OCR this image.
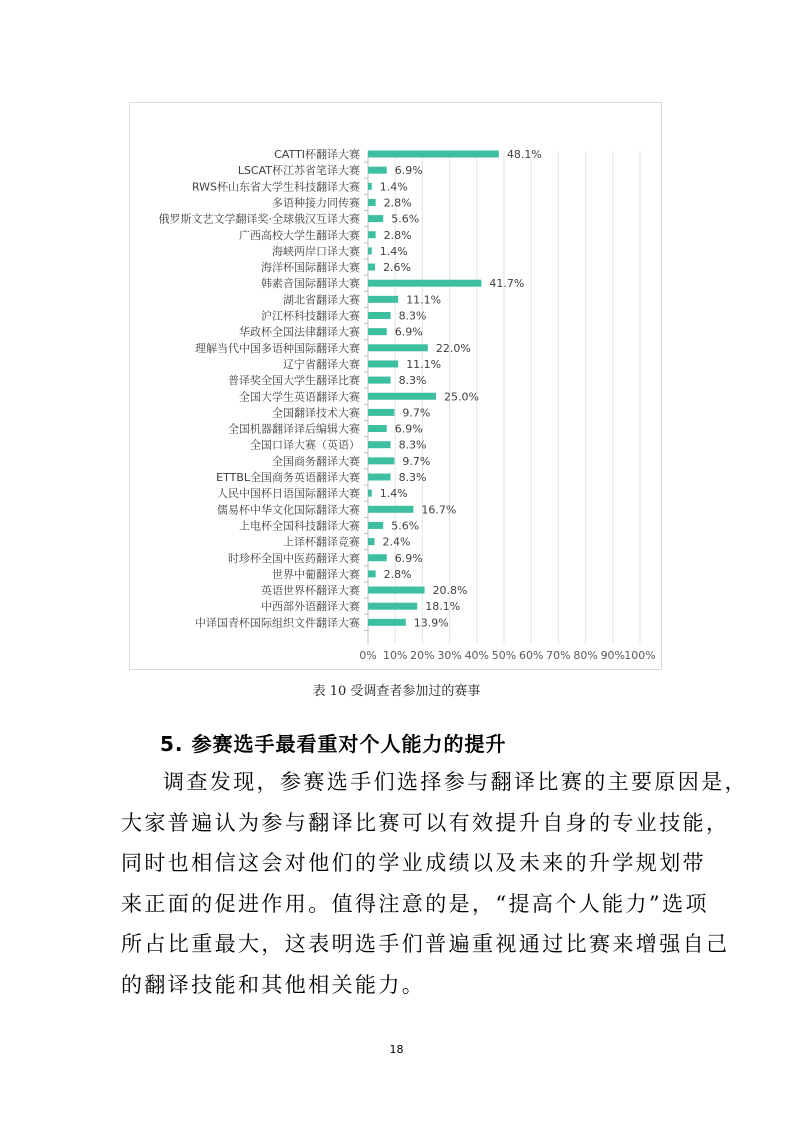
0% 10% 20% 30% 40% 50% 60% 70% 80% 90% 100%
CATTI杯翻译大赛	48.1%
LSCAT杯江苏省笔译大赛	6.9%
RWS杯山东省大学生科技翻译大赛 1.4%
多语种接力同传赛 2.8%
俄罗斯文艺文学翻译奖·全球俄汉互译大赛	5.6%
广西高校大学生翻译大赛 2.8%
海峡两岸口译大赛 1.4%
海洋杯国际翻译大赛 2.6%
韩素音国际翻译大赛	41.7%
湖北省翻译大赛	11.1%
沪江杯科技翻译大赛	8.3%
华政杯全国法律翻译大赛	6.9%
理解当代中国多语种国际翻译大赛	22.0%
辽宁省翻译大赛	11.1%
普译奖全国大学生翻译比赛	8.3%
全国大学生英语翻译大赛	25.0%
全国翻译技术大赛	9.7%
全国机器翻译译后编辑大赛	6.9%
全国口译大赛（英语）	8.3%
全国商务翻译大赛	9.7%
ETTBL全国商务英语翻译大赛	8.3%
人民中国杯日语国际翻译大赛 1.4%
儒易杯中华文化国际翻译大赛	16.7%
上电杯全国科技翻译大赛	5.6%
上译杯翻译竞赛 2.4%
时珍杯全国中医药翻译大赛	6.9%
世界中葡翻译大赛 2.8%
英语世界杯翻译大赛	20.8%
中西部外语翻译大赛	18.1%
中译国青杯国际组织文件翻译大赛	13.9%
表 10 受调查者参加过的赛事
5. 参赛选手最看重对个人能力的提升
调查发现，参赛选手们选择参与翻译比赛的主要原因是，
大家普遍认为参与翻译比赛可以有效提升自身的专业技能，
同时也相信这会对他们的学业成绩以及未来的升学规划带
来正面的促进作用。值得注意的是，“提高个人能力”选项
所占比重最大，这表明选手们普遍重视通过比赛来增强自己
的翻译技能和其他相关能力。
18
